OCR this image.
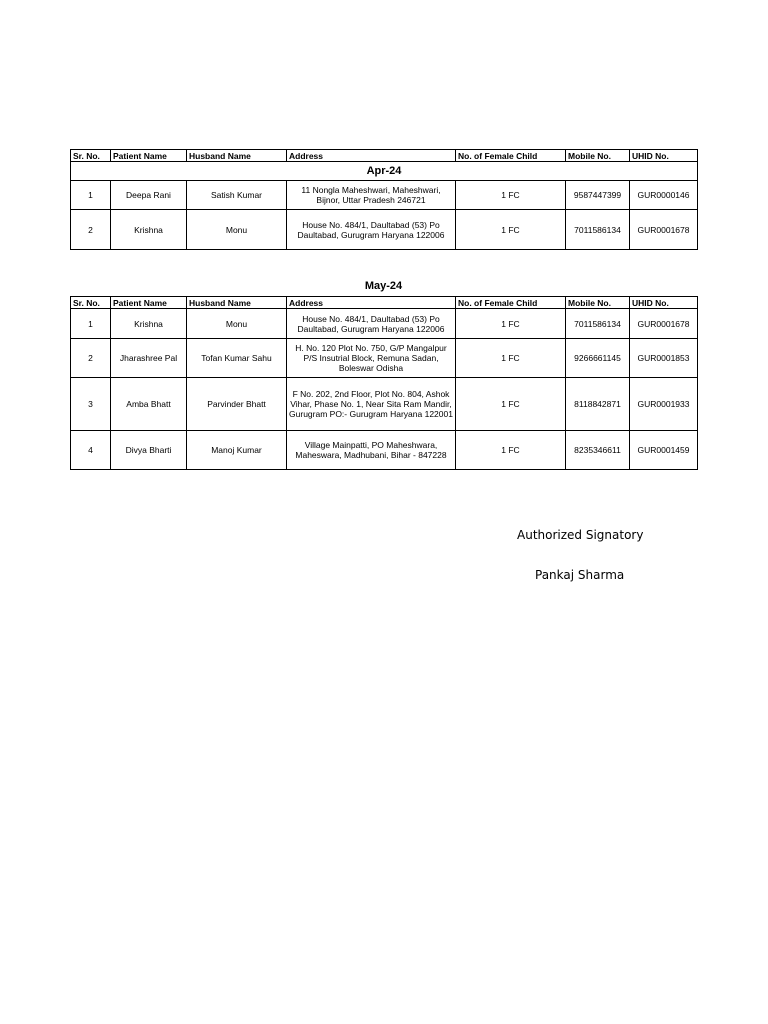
Sr. No.	Patient Name	Husband Name	Address	No. of Female Child	Mobile No.	UHID No.
Apr-24						
1	Deepa Rani	Satish Kumar	11 Nongla Maheshwari, Maheshwari, Bijnor, Uttar Pradesh 246721	1 FC	9587447399	GUR0000146
2	Krishna	Monu	House No. 484/1, Daultabad (53) Po Daultabad, Gurugram Haryana 122006	1 FC	7011586134	GUR0001678
May-24
Sr. No.	Patient Name	Husband Name	Address	No. of Female Child	Mobile No.	UHID No.
1	Krishna	Monu	House No. 484/1, Daultabad (53) Po Daultabad, Gurugram Haryana 122006	1 FC	7011586134	GUR0001678
2	Jharashree Pal	Tofan Kumar Sahu	H. No. 120 Plot No. 750, G/P Mangalpur P/S Insutrial Block, Remuna Sadan, Boleswar Odisha	1 FC	9266661145	GUR0001853
3	Amba Bhatt	Parvinder Bhatt	F No. 202, 2nd Floor, Plot No. 804, Ashok Vihar, Phase No. 1, Near Sita Ram Mandir, Gurugram PO:- Gurugram Haryana 122001	1 FC	8118842871	GUR0001933
4	Divya Bharti	Manoj Kumar	Village Mainpatti, PO Maheshwara, Maheswara, Madhubani, Bihar - 847228	1 FC	8235346611	GUR0001459
Authorized Signatory
Pankaj Sharma
